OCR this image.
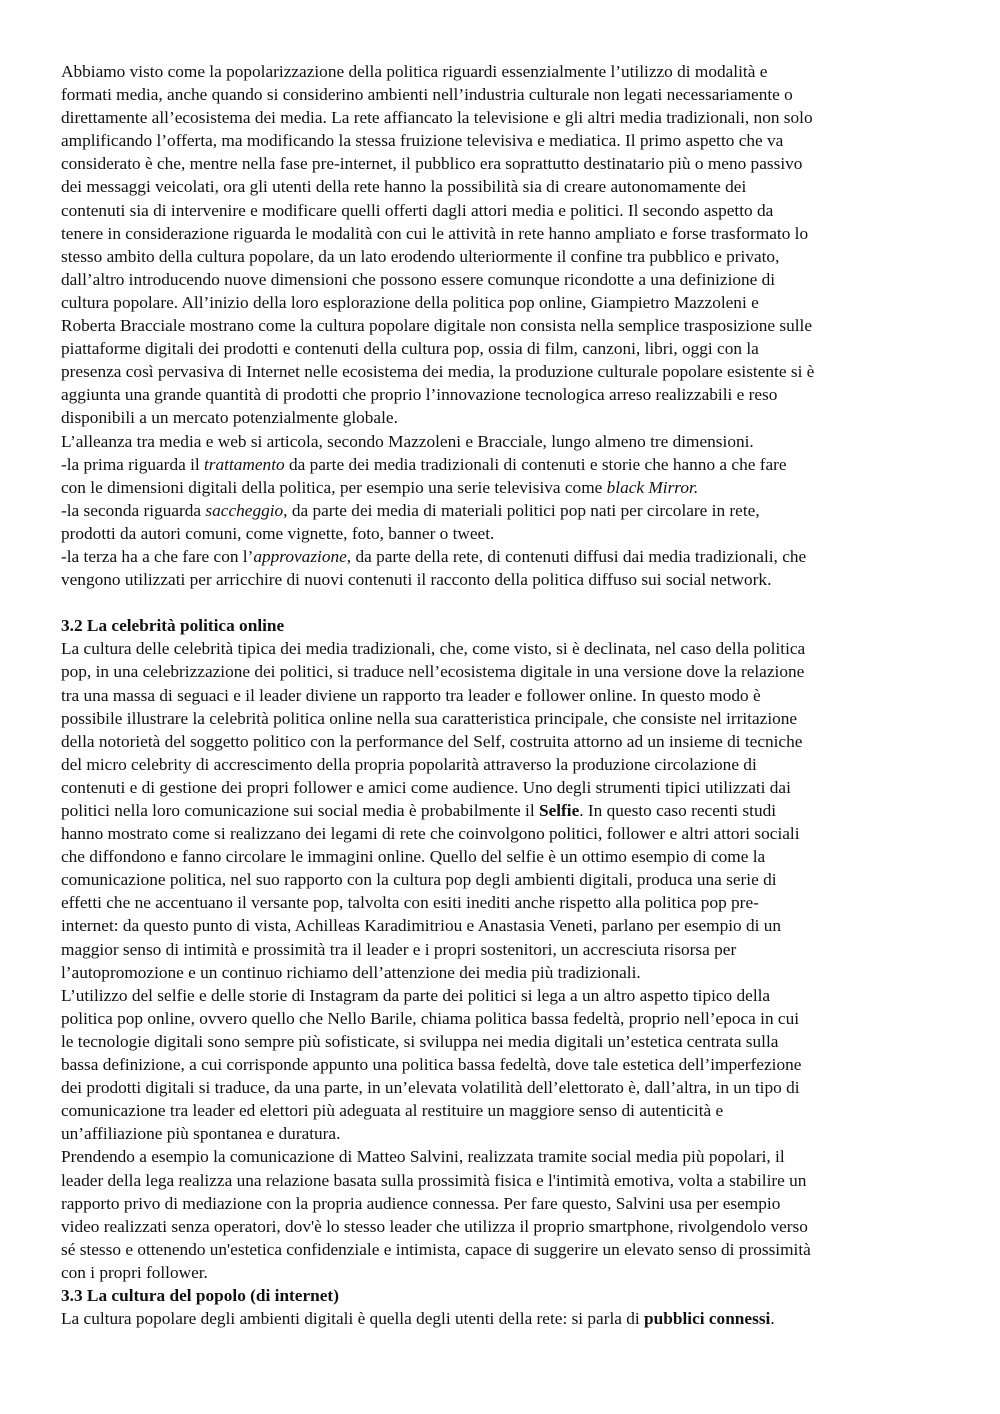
Abbiamo visto come la popolarizzazione della politica riguardi essenzialmente l’utilizzo di modalità e
formati media, anche quando si considerino ambienti nell’industria culturale non legati necessariamente o
direttamente all’ecosistema dei media. La rete affiancato la televisione e gli altri media tradizionali, non solo
amplificando l’offerta, ma modificando la stessa fruizione televisiva e mediatica. Il primo aspetto che va
considerato è che, mentre nella fase pre-internet, il pubblico era soprattutto destinatario più o meno passivo
dei messaggi veicolati, ora gli utenti della rete hanno la possibilità sia di creare autonomamente dei
contenuti sia di intervenire e modificare quelli offerti dagli attori media e politici. Il secondo aspetto da
tenere in considerazione riguarda le modalità con cui le attività in rete hanno ampliato e forse trasformato lo
stesso ambito della cultura popolare, da un lato erodendo ulteriormente il confine tra pubblico e privato,
dall’altro introducendo nuove dimensioni che possono essere comunque ricondotte a una definizione di
cultura popolare. All’inizio della loro esplorazione della politica pop online, Giampietro Mazzoleni e
Roberta Bracciale mostrano come la cultura popolare digitale non consista nella semplice trasposizione sulle
piattaforme digitali dei prodotti e contenuti della cultura pop, ossia di film, canzoni, libri, oggi con la
presenza così pervasiva di Internet nelle ecosistema dei media, la produzione culturale popolare esistente si è
aggiunta una grande quantità di prodotti che proprio l’innovazione tecnologica arreso realizzabili e reso
disponibili a un mercato potenzialmente globale.
L’alleanza tra media e web si articola, secondo Mazzoleni e Bracciale, lungo almeno tre dimensioni.
-la prima riguarda il trattamento da parte dei media tradizionali di contenuti e storie che hanno a che fare
con le dimensioni digitali della politica, per esempio una serie televisiva come black Mirror.
-la seconda riguarda saccheggio, da parte dei media di materiali politici pop nati per circolare in rete,
prodotti da autori comuni, come vignette, foto, banner o tweet.
-la terza ha a che fare con l’approvazione, da parte della rete, di contenuti diffusi dai media tradizionali, che
vengono utilizzati per arricchire di nuovi contenuti il racconto della politica diffuso sui social network.
3.2 La celebrità politica online
La cultura delle celebrità tipica dei media tradizionali, che, come visto, si è declinata, nel caso della politica
pop, in una celebrizzazione dei politici, si traduce nell’ecosistema digitale in una versione dove la relazione
tra una massa di seguaci e il leader diviene un rapporto tra leader e follower online. In questo modo è
possibile illustrare la celebrità politica online nella sua caratteristica principale, che consiste nel irritazione
della notorietà del soggetto politico con la performance del Self, costruita attorno ad un insieme di tecniche
del micro celebrity di accrescimento della propria popolarità attraverso la produzione circolazione di
contenuti e di gestione dei propri follower e amici come audience. Uno degli strumenti tipici utilizzati dai
politici nella loro comunicazione sui social media è probabilmente il Selfie. In questo caso recenti studi
hanno mostrato come si realizzano dei legami di rete che coinvolgono politici, follower e altri attori sociali
che diffondono e fanno circolare le immagini online. Quello del selfie è un ottimo esempio di come la
comunicazione politica, nel suo rapporto con la cultura pop degli ambienti digitali, produca una serie di
effetti che ne accentuano il versante pop, talvolta con esiti inediti anche rispetto alla politica pop pre-
internet: da questo punto di vista, Achilleas Karadimitriou e Anastasia Veneti, parlano per esempio di un
maggior senso di intimità e prossimità tra il leader e i propri sostenitori, un accresciuta risorsa per
l’autopromozione e un continuo richiamo dell’attenzione dei media più tradizionali.
L’utilizzo del selfie e delle storie di Instagram da parte dei politici si lega a un altro aspetto tipico della
politica pop online, ovvero quello che Nello Barile, chiama politica bassa fedeltà, proprio nell’epoca in cui
le tecnologie digitali sono sempre più sofisticate, si sviluppa nei media digitali un’estetica centrata sulla
bassa definizione, a cui corrisponde appunto una politica bassa fedeltà, dove tale estetica dell’imperfezione
dei prodotti digitali si traduce, da una parte, in un’elevata volatilità dell’elettorato è, dall’altra, in un tipo di
comunicazione tra leader ed elettori più adeguata al restituire un maggiore senso di autenticità e
un’affiliazione più spontanea e duratura.
Prendendo a esempio la comunicazione di Matteo Salvini, realizzata tramite social media più popolari, il
leader della lega realizza una relazione basata sulla prossimità fisica e l'intimità emotiva, volta a stabilire un
rapporto privo di mediazione con la propria audience connessa. Per fare questo, Salvini usa per esempio
video realizzati senza operatori, dov'è lo stesso leader che utilizza il proprio smartphone, rivolgendolo verso
sé stesso e ottenendo un'estetica confidenziale e intimista, capace di suggerire un elevato senso di prossimità
con i propri follower.
3.3 La cultura del popolo (di internet)
La cultura popolare degli ambienti digitali è quella degli utenti della rete: si parla di pubblici connessi.
